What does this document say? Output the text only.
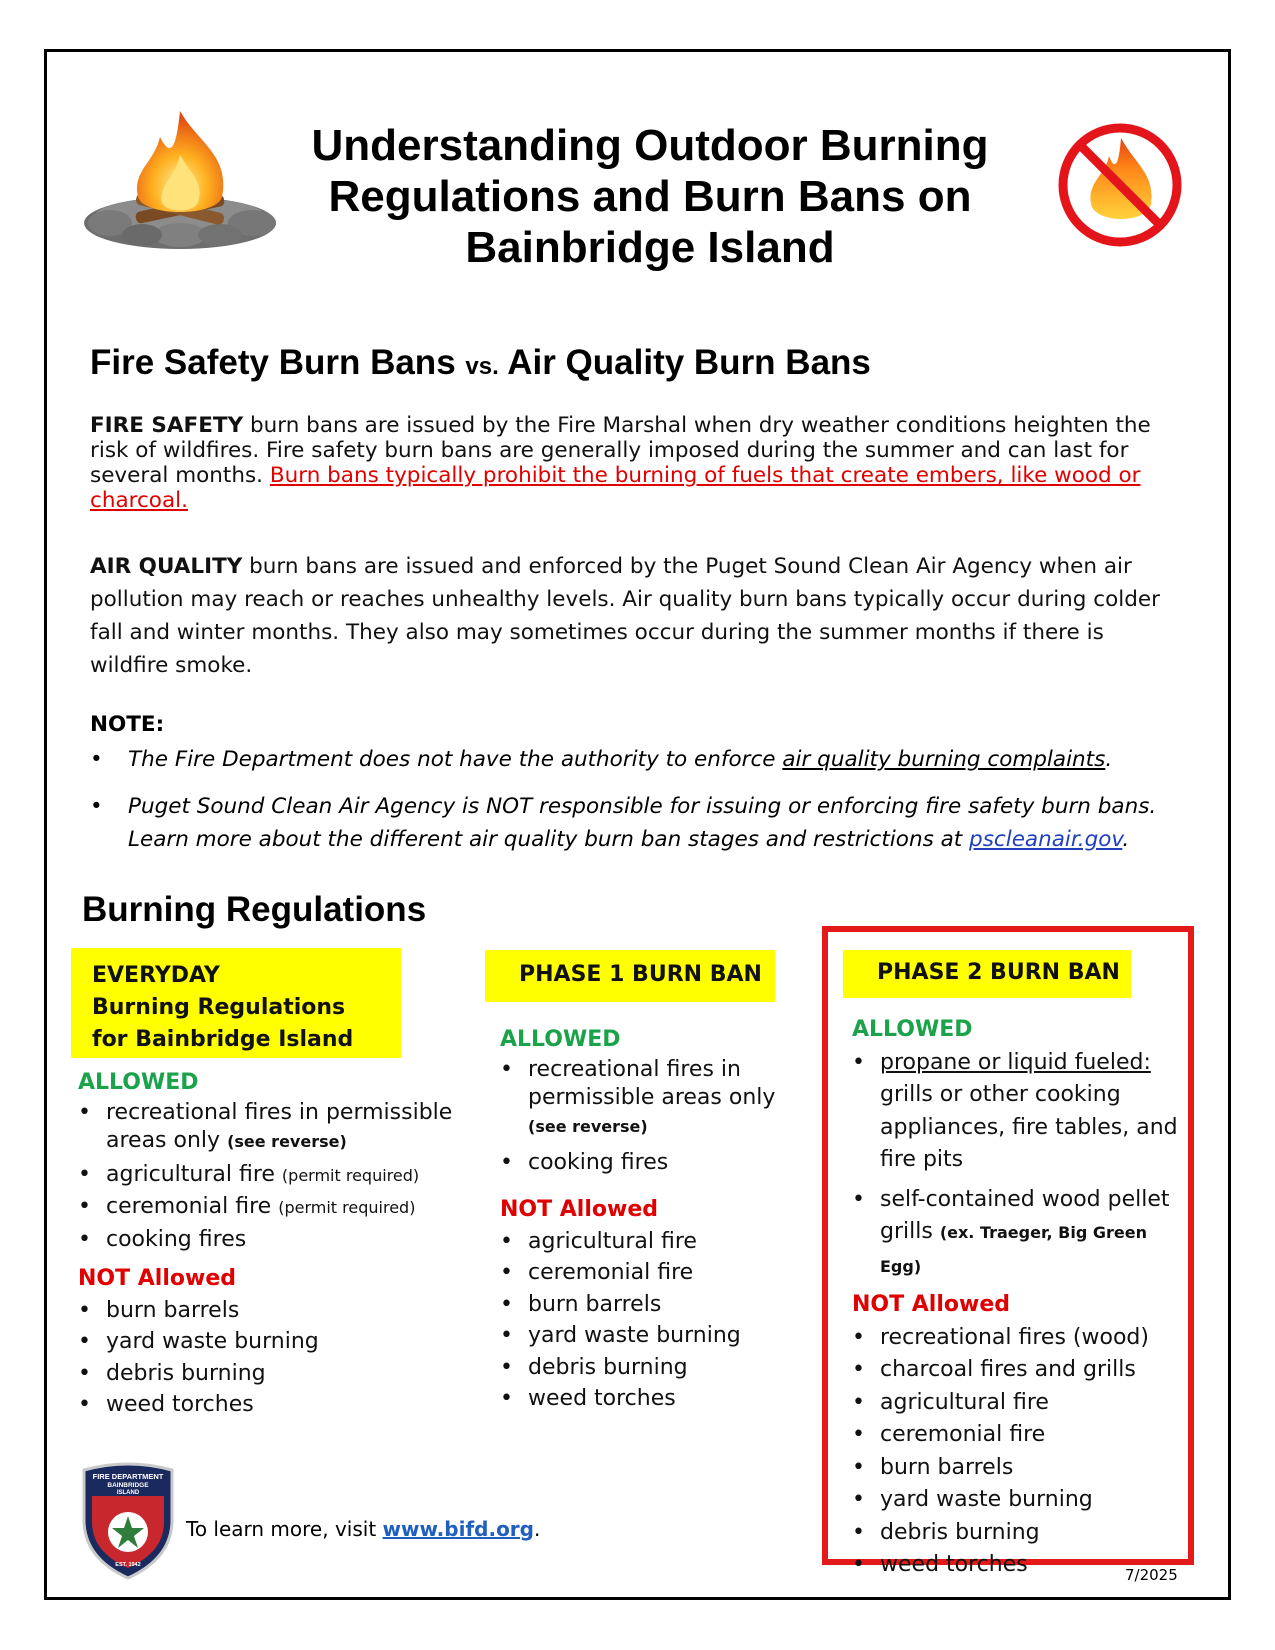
Understanding Outdoor Burning
Regulations and Burn Bans on
Bainbridge Island
Fire Safety Burn Bans vs. Air Quality Burn Bans
FIRE SAFETY burn bans are issued by the Fire Marshal when dry weather conditions heighten the risk of wildfires. Fire safety burn bans are generally imposed during the summer and can last for several months. Burn bans typically prohibit the burning of fuels that create embers, like wood or charcoal.
AIR QUALITY burn bans are issued and enforced by the Puget Sound Clean Air Agency when air pollution may reach or reaches unhealthy levels. Air quality burn bans typically occur during colder fall and winter months. They also may sometimes occur during the summer months if there is wildfire smoke.
NOTE:
• The Fire Department does not have the authority to enforce air quality burning complaints.
• Puget Sound Clean Air Agency is NOT responsible for issuing or enforcing fire safety burn bans. Learn more about the different air quality burn ban stages and restrictions at pscleanair.gov.
Burning Regulations
EVERYDAY
Burning Regulations
for Bainbridge Island
ALLOWED
• recreational fires in permissible areas only (see reverse)
• agricultural fire (permit required)
• ceremonial fire (permit required)
• cooking fires
NOT Allowed
• burn barrels
• yard waste burning
• debris burning
• weed torches
PHASE 1 BURN BAN
ALLOWED
• recreational fires in permissible areas only
(see reverse)
• cooking fires
NOT Allowed
• agricultural fire
• ceremonial fire
• burn barrels
• yard waste burning
• debris burning
• weed torches
PHASE 2 BURN BAN
ALLOWED
• propane or liquid fueled: grills or other cooking appliances, fire tables, and fire pits
• self-contained wood pellet grills (ex. Traeger, Big Green Egg)
NOT Allowed
• recreational fires (wood)
• charcoal fires and grills
• agricultural fire
• ceremonial fire
• burn barrels
• yard waste burning
• debris burning
• weed torches
FIRE DEPARTMENT
BAINBRIDGE
ISLAND
EST. 1942
To learn more, visit www.bifd.org.
7/2025
